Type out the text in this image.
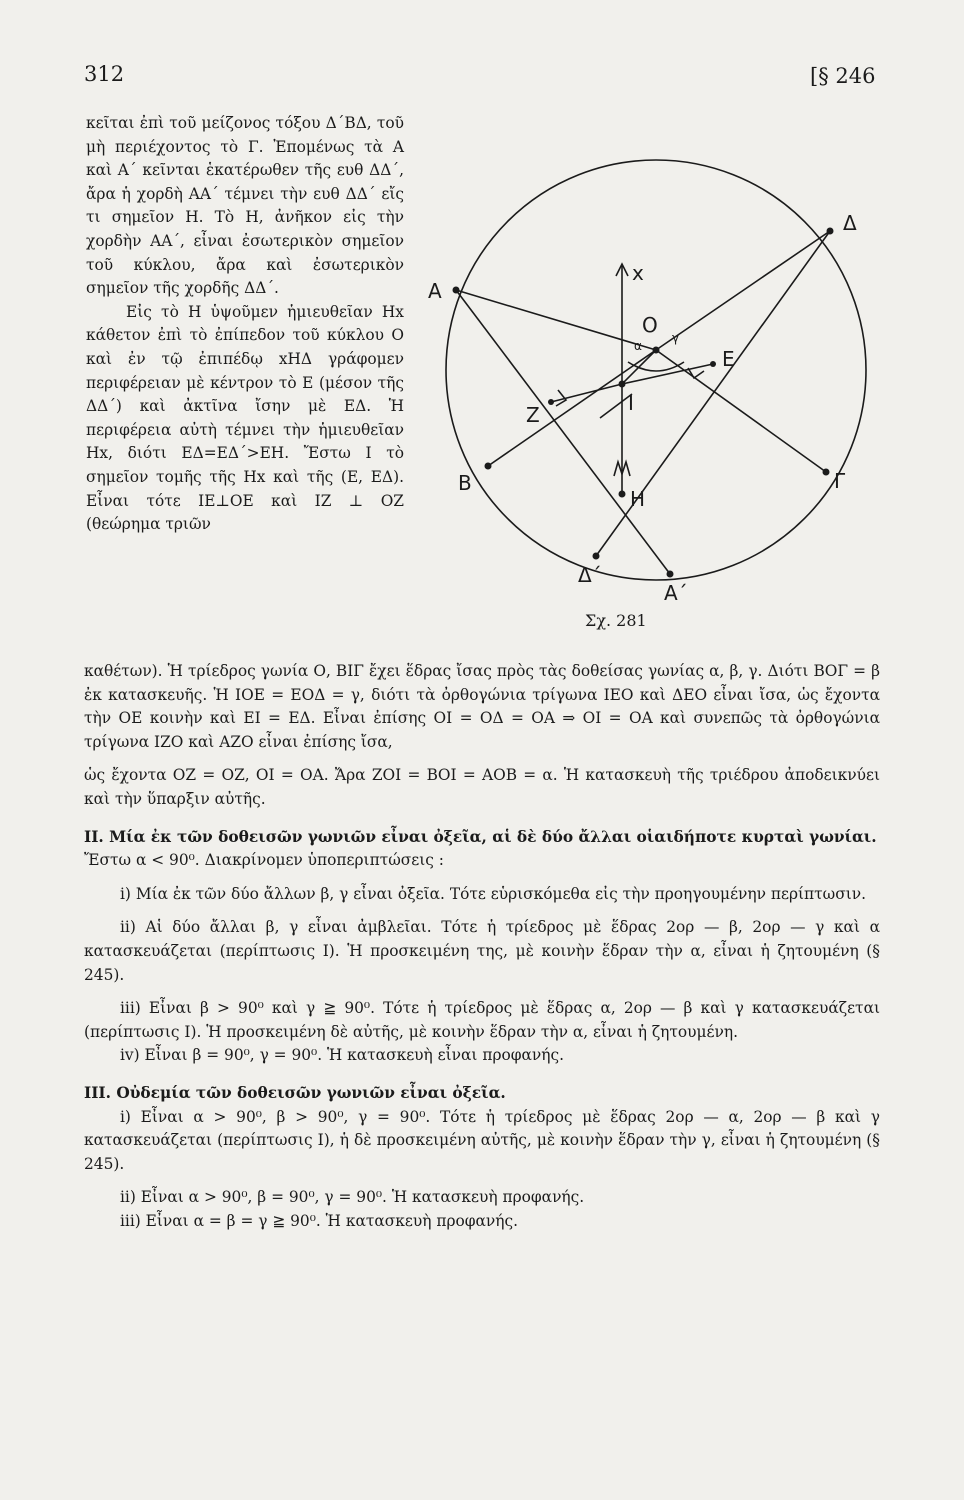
312	[§ 246

κεῖται ἐπὶ τοῦ μείζονος τόξου Δ΄ΒΔ, τοῦ μὴ περιέχοντος τὸ Γ. Ἐπομένως τὰ Α καὶ Α΄ κεῖνται ἑκατέρωθεν τῆς ευθ ΔΔ΄, ἄρα ἡ χορδὴ ΑΑ΄ τέμνει τὴν ευθ ΔΔ΄ εἴς τι σημεῖον Η. Τὸ Η, ἀνῆκον εἰς τὴν χορδὴν ΑΑ΄, εἶναι ἐσωτερικὸν σημεῖον τοῦ κύκλου, ἄρα καὶ ἐσωτερικὸν σημεῖον τῆς χορδῆς ΔΔ΄.

Εἰς τὸ Η ὑψοῦμεν ἡμιευθεῖαν Ηx κάθετον ἐπὶ τὸ ἐπίπεδον τοῦ κύκλου Ο καὶ ἐν τῷ ἐπιπέδῳ xΗΔ γράφομεν περιφέρειαν μὲ κέντρον τὸ Ε (μέσον τῆς ΔΔ΄) καὶ ἀκτῖνα ἴσην μὲ ΕΔ. Ἡ περιφέρεια αὐτὴ τέμνει τὴν ἡμιευθεῖαν Ηx, διότι ΕΔ=ΕΔ΄>ΕΗ. Ἔστω Ι τὸ σημεῖον τομῆς τῆς Ηx καὶ τῆς (Ε, ΕΔ). Εἶναι τότε ΙΕ⊥ΟΕ καὶ ΙΖ ⊥ ΟΖ (θεώρημα τριῶν

Α
Δ
Β	Γ
Δ΄
Α΄
Ο
Ε
Ζ	Ι
Η
x
α
γ
Σχ. 281

καθέτων). Ἡ τρίεδρος γωνία Ο, ΒΙΓ ἔχει ἕδρας ἴσας πρὸς τὰς δοθείσας γωνίας α, β, γ. Διότι ΒΟΓ = β ἐκ κατασκευῆς. Ἡ ΙΟΕ = ΕΟΔ = γ, διότι τὰ ὀρθογώνια τρίγωνα ΙΕΟ καὶ ΔΕΟ εἶναι ἴσα, ὡς ἔχοντα τὴν ΟΕ κοινὴν καὶ ΕΙ = ΕΔ. Εἶναι ἐπίσης ΟΙ = ΟΔ = ΟΑ ⇒ ΟΙ = ΟΑ καὶ συνεπῶς τὰ ὀρθογώνια τρίγωνα ΙΖΟ καὶ ΑΖΟ εἶναι ἐπίσης ἴσα,

ὡς ἔχοντα ΟΖ = ΟΖ, ΟΙ = ΟΑ. Ἄρα ΖΟΙ = ΒΟΙ = ΑΟΒ = α. Ἡ κατασκευὴ τῆς τριέδρου ἀποδεικνύει καὶ τὴν ὕπαρξιν αὐτῆς.

ΙΙ. Μία ἐκ τῶν δοθεισῶν γωνιῶν εἶναι ὀξεῖα, αἱ δὲ δύο ἄλλαι οἱαιδήποτε κυρταὶ γωνίαι.

Ἔστω α < 90⁰. Διακρίνομεν ὑποπεριπτώσεις :

i) Μία ἐκ τῶν δύο ἄλλων β, γ εἶναι ὀξεῖα. Τότε εὑρισκόμεθα εἰς τὴν προηγουμένην περίπτωσιν.

ii) Αἱ δύο ἄλλαι β, γ εἶναι ἀμβλεῖαι. Τότε ἡ τρίεδρος μὲ ἕδρας 2ορ — β, 2ορ — γ καὶ α κατασκευάζεται (περίπτωσις Ι). Ἡ προσκειμένη της, μὲ κοινὴν ἕδραν τὴν α, εἶναι ἡ ζητουμένη (§ 245).

iii) Εἶναι β > 90⁰ καὶ γ ≧ 90⁰. Τότε ἡ τρίεδρος μὲ ἕδρας α, 2ορ — β καὶ γ κατασκευάζεται (περίπτωσις Ι). Ἡ προσκειμένη δὲ αὐτῆς, μὲ κοινὴν ἕδραν τὴν α, εἶναι ἡ ζητουμένη.

iv) Εἶναι β = 90⁰, γ = 90⁰. Ἡ κατασκευὴ εἶναι προφανής.

ΙΙΙ. Οὐδεμία τῶν δοθεισῶν γωνιῶν εἶναι ὀξεῖα.

i) Εἶναι α > 90⁰, β > 90⁰, γ = 90⁰. Τότε ἡ τρίεδρος μὲ ἕδρας 2ορ — α, 2ορ — β καὶ γ κατασκευάζεται (περίπτωσις Ι), ἡ δὲ προσκειμένη αὐτῆς, μὲ κοινὴν ἕδραν τὴν γ, εἶναι ἡ ζητουμένη (§ 245).

ii) Εἶναι α > 90⁰, β = 90⁰, γ = 90⁰. Ἡ κατασκευὴ προφανής.

iii) Εἶναι α = β = γ ≧ 90⁰. Ἡ κατασκευὴ προφανής.
